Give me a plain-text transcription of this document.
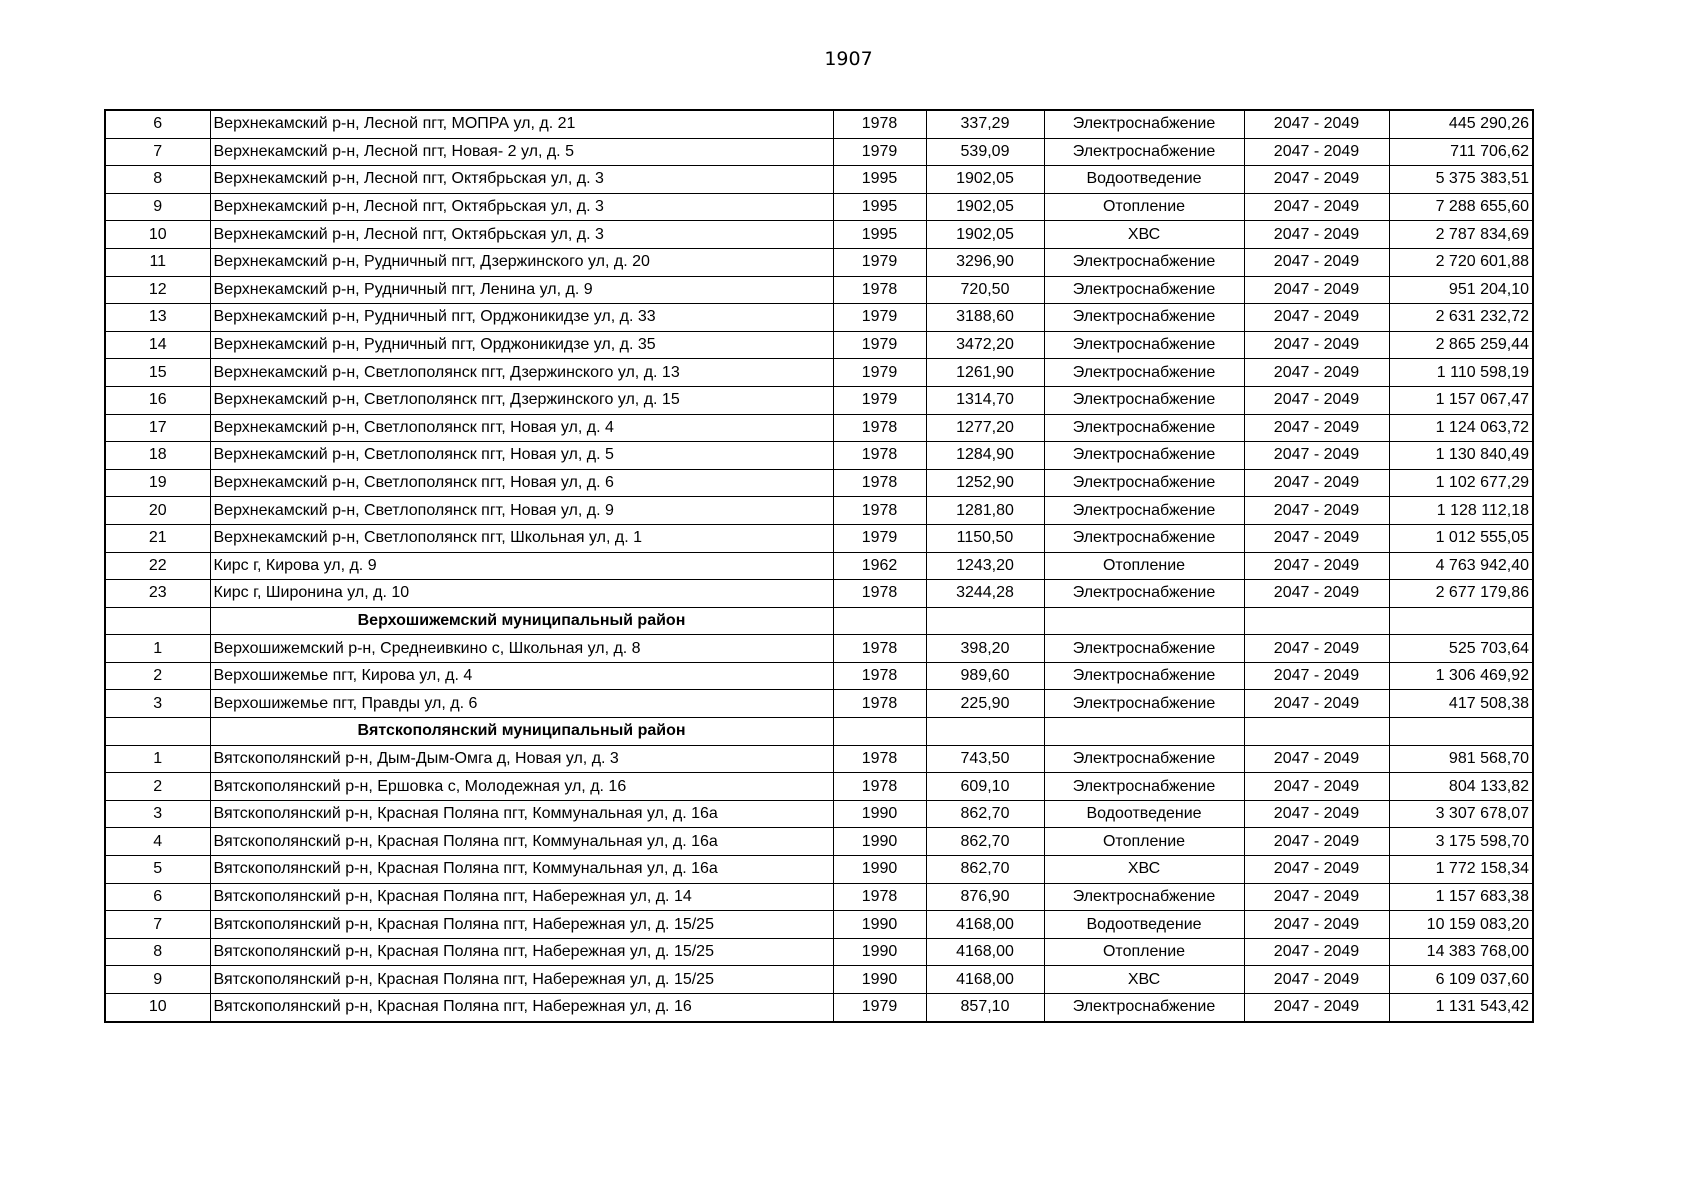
1907
6	Верхнекамский р-н, Лесной пгт, МОПРА ул, д. 21	1978	337,29	Электроснабжение	2047 - 2049	445 290,26
7	Верхнекамский р-н, Лесной пгт, Новая- 2 ул, д. 5	1979	539,09	Электроснабжение	2047 - 2049	711 706,62
8	Верхнекамский р-н, Лесной пгт, Октябрьская ул, д. 3	1995	1902,05	Водоотведение	2047 - 2049	5 375 383,51
9	Верхнекамский р-н, Лесной пгт, Октябрьская ул, д. 3	1995	1902,05	Отопление	2047 - 2049	7 288 655,60
10	Верхнекамский р-н, Лесной пгт, Октябрьская ул, д. 3	1995	1902,05	ХВС	2047 - 2049	2 787 834,69
11	Верхнекамский р-н, Рудничный пгт, Дзержинского ул, д. 20	1979	3296,90	Электроснабжение	2047 - 2049	2 720 601,88
12	Верхнекамский р-н, Рудничный пгт, Ленина ул, д. 9	1978	720,50	Электроснабжение	2047 - 2049	951 204,10
13	Верхнекамский р-н, Рудничный пгт, Орджоникидзе ул, д. 33	1979	3188,60	Электроснабжение	2047 - 2049	2 631 232,72
14	Верхнекамский р-н, Рудничный пгт, Орджоникидзе ул, д. 35	1979	3472,20	Электроснабжение	2047 - 2049	2 865 259,44
15	Верхнекамский р-н, Светлополянск пгт, Дзержинского ул, д. 13	1979	1261,90	Электроснабжение	2047 - 2049	1 110 598,19
16	Верхнекамский р-н, Светлополянск пгт, Дзержинского ул, д. 15	1979	1314,70	Электроснабжение	2047 - 2049	1 157 067,47
17	Верхнекамский р-н, Светлополянск пгт, Новая ул, д. 4	1978	1277,20	Электроснабжение	2047 - 2049	1 124 063,72
18	Верхнекамский р-н, Светлополянск пгт, Новая ул, д. 5	1978	1284,90	Электроснабжение	2047 - 2049	1 130 840,49
19	Верхнекамский р-н, Светлополянск пгт, Новая ул, д. 6	1978	1252,90	Электроснабжение	2047 - 2049	1 102 677,29
20	Верхнекамский р-н, Светлополянск пгт, Новая ул, д. 9	1978	1281,80	Электроснабжение	2047 - 2049	1 128 112,18
21	Верхнекамский р-н, Светлополянск пгт, Школьная ул, д. 1	1979	1150,50	Электроснабжение	2047 - 2049	1 012 555,05
22	Кирс г, Кирова ул, д. 9	1962	1243,20	Отопление	2047 - 2049	4 763 942,40
23	Кирс г, Широнина ул, д. 10	1978	3244,28	Электроснабжение	2047 - 2049	2 677 179,86
	Верхошижемский муниципальный район					
1	Верхошижемский р-н, Среднеивкино с, Школьная ул, д. 8	1978	398,20	Электроснабжение	2047 - 2049	525 703,64
2	Верхошижемье пгт, Кирова ул, д. 4	1978	989,60	Электроснабжение	2047 - 2049	1 306 469,92
3	Верхошижемье пгт, Правды ул, д. 6	1978	225,90	Электроснабжение	2047 - 2049	417 508,38
	Вятскополянский муниципальный район					
1	Вятскополянский р-н, Дым-Дым-Омга д, Новая ул, д. 3	1978	743,50	Электроснабжение	2047 - 2049	981 568,70
2	Вятскополянский р-н, Ершовка с, Молодежная ул, д. 16	1978	609,10	Электроснабжение	2047 - 2049	804 133,82
3	Вятскополянский р-н, Красная Поляна пгт, Коммунальная ул, д. 16а	1990	862,70	Водоотведение	2047 - 2049	3 307 678,07
4	Вятскополянский р-н, Красная Поляна пгт, Коммунальная ул, д. 16а	1990	862,70	Отопление	2047 - 2049	3 175 598,70
5	Вятскополянский р-н, Красная Поляна пгт, Коммунальная ул, д. 16а	1990	862,70	ХВС	2047 - 2049	1 772 158,34
6	Вятскополянский р-н, Красная Поляна пгт, Набережная ул, д. 14	1978	876,90	Электроснабжение	2047 - 2049	1 157 683,38
7	Вятскополянский р-н, Красная Поляна пгт, Набережная ул, д. 15/25	1990	4168,00	Водоотведение	2047 - 2049	10 159 083,20
8	Вятскополянский р-н, Красная Поляна пгт, Набережная ул, д. 15/25	1990	4168,00	Отопление	2047 - 2049	14 383 768,00
9	Вятскополянский р-н, Красная Поляна пгт, Набережная ул, д. 15/25	1990	4168,00	ХВС	2047 - 2049	6 109 037,60
10	Вятскополянский р-н, Красная Поляна пгт, Набережная ул, д. 16	1979	857,10	Электроснабжение	2047 - 2049	1 131 543,42
